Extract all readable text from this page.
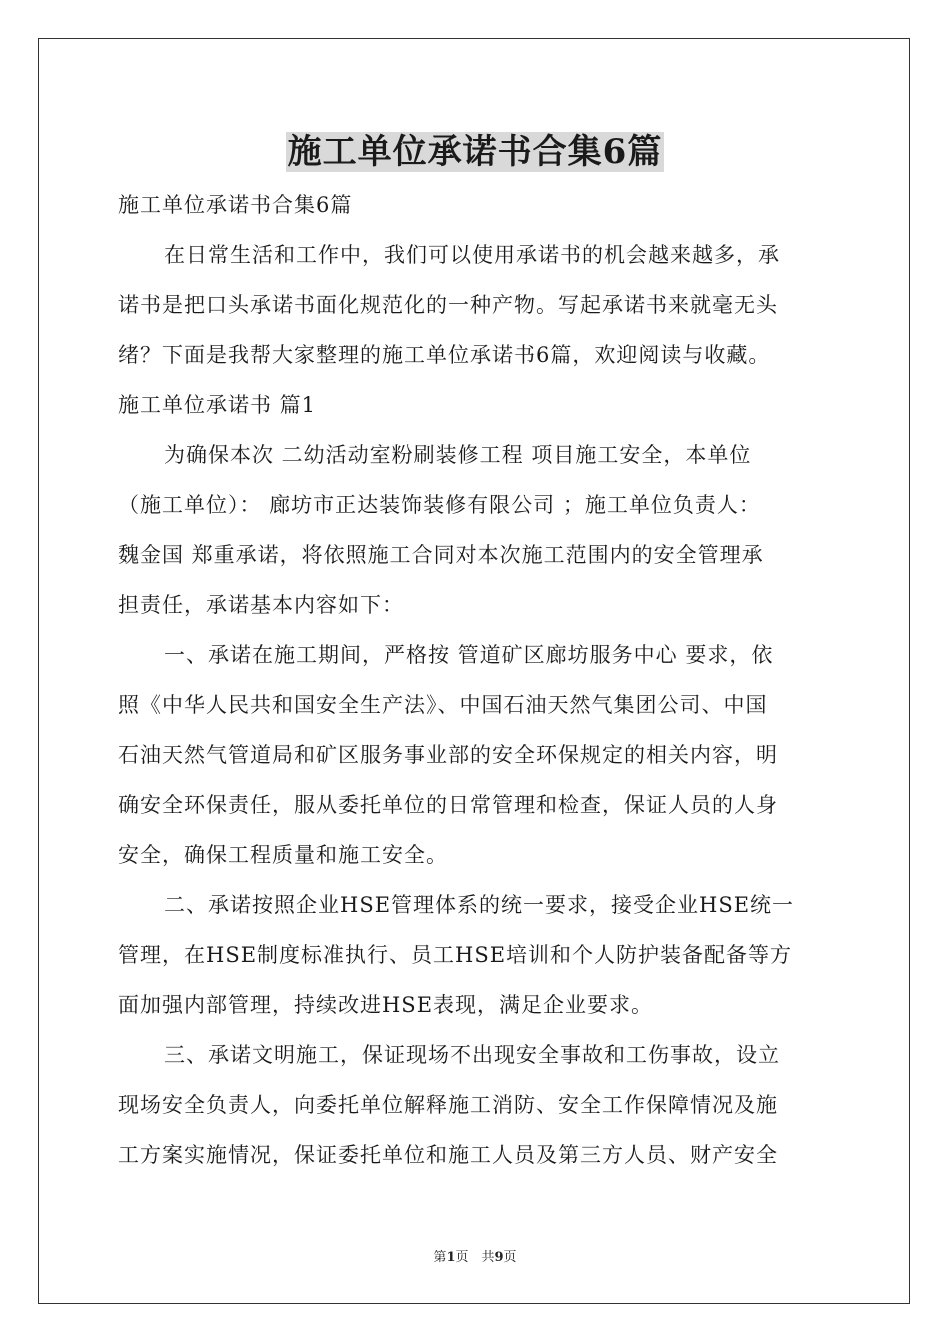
施工单位承诺书合集6篇
施工单位承诺书合集6篇
在日常生活和工作中，我们可以使用承诺书的机会越来越多，承
诺书是把口头承诺书面化规范化的一种产物。写起承诺书来就毫无头
绪？下面是我帮大家整理的施工单位承诺书6篇，欢迎阅读与收藏。
施工单位承诺书 篇1
为确保本次 二幼活动室粉刷装修工程 项目施工安全，本单位
（施工单位）： 廊坊市正达装饰装修有限公司 ；施工单位负责人：
魏金国 郑重承诺，将依照施工合同对本次施工范围内的安全管理承
担责任，承诺基本内容如下：
一、承诺在施工期间，严格按 管道矿区廊坊服务中心 要求，依
照《中华人民共和国安全生产法》、中国石油天然气集团公司、中国
石油天然气管道局和矿区服务事业部的安全环保规定的相关内容，明
确安全环保责任，服从委托单位的日常管理和检查，保证人员的人身
安全，确保工程质量和施工安全。
二、承诺按照企业HSE管理体系的统一要求，接受企业HSE统一
管理，在HSE制度标准执行、员工HSE培训和个人防护装备配备等方
面加强内部管理，持续改进HSE表现，满足企业要求。
三、承诺文明施工，保证现场不出现安全事故和工伤事故，设立
现场安全负责人，向委托单位解释施工消防、安全工作保障情况及施
工方案实施情况，保证委托单位和施工人员及第三方人员、财产安全
第1页　共9页
